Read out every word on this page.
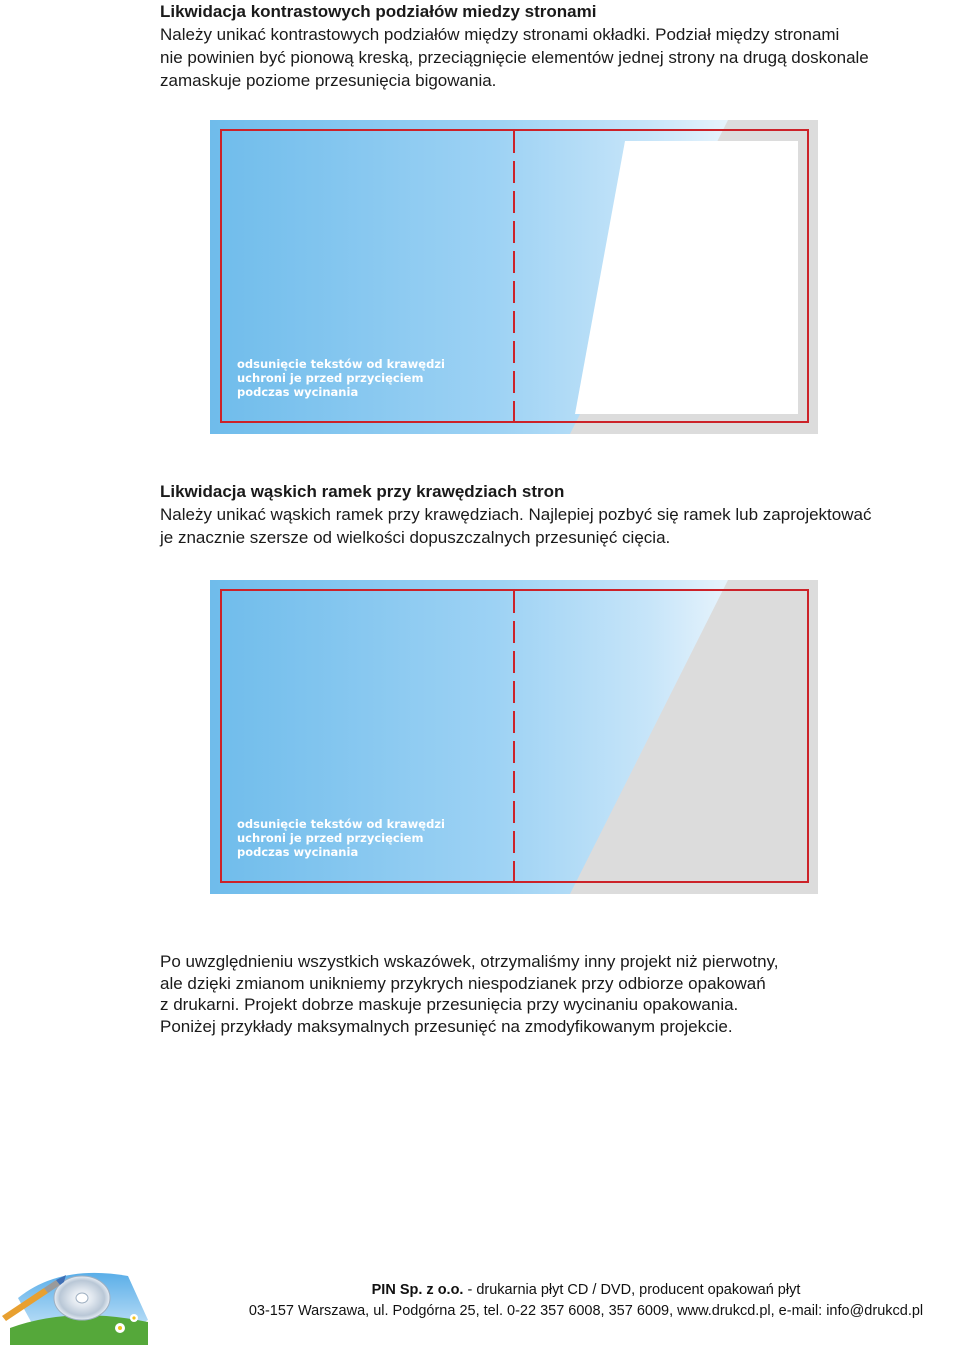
Likwidacja kontrastowych podziałów miedzy stronami
Należy unikać kontrastowych podziałów między stronami okładki. Podział między stronami
nie powinien być pionową kreską, przeciągnięcie elementów jednej strony na drugą doskonale
zamaskuje poziome przesunięcia bigowania.
odsunięcie tekstów od krawędzi
uchroni je przed przycięciem
podczas wycinania
Likwidacja wąskich ramek przy krawędziach stron
Należy unikać wąskich ramek przy krawędziach. Najlepiej pozbyć się ramek lub zaprojektować
je znacznie szersze od wielkości dopuszczalnych przesunięć cięcia.
odsunięcie tekstów od krawędzi
uchroni je przed przycięciem
podczas wycinania
Po uwzględnieniu wszystkich wskazówek, otrzymaliśmy inny projekt niż pierwotny,
ale dzięki zmianom unikniemy przykrych niespodzianek przy odbiorze opakowań
z drukarni. Projekt dobrze maskuje przesunięcia przy wycinaniu opakowania.
Poniżej przykłady maksymalnych przesunięć na zmodyfikowanym projekcie.
PIN Sp. z o.o. - drukarnia płyt CD / DVD, producent opakowań płyt
03-157 Warszawa, ul. Podgórna 25, tel. 0-22 357 6008, 357 6009, www.drukcd.pl, e-mail: info@drukcd.pl
